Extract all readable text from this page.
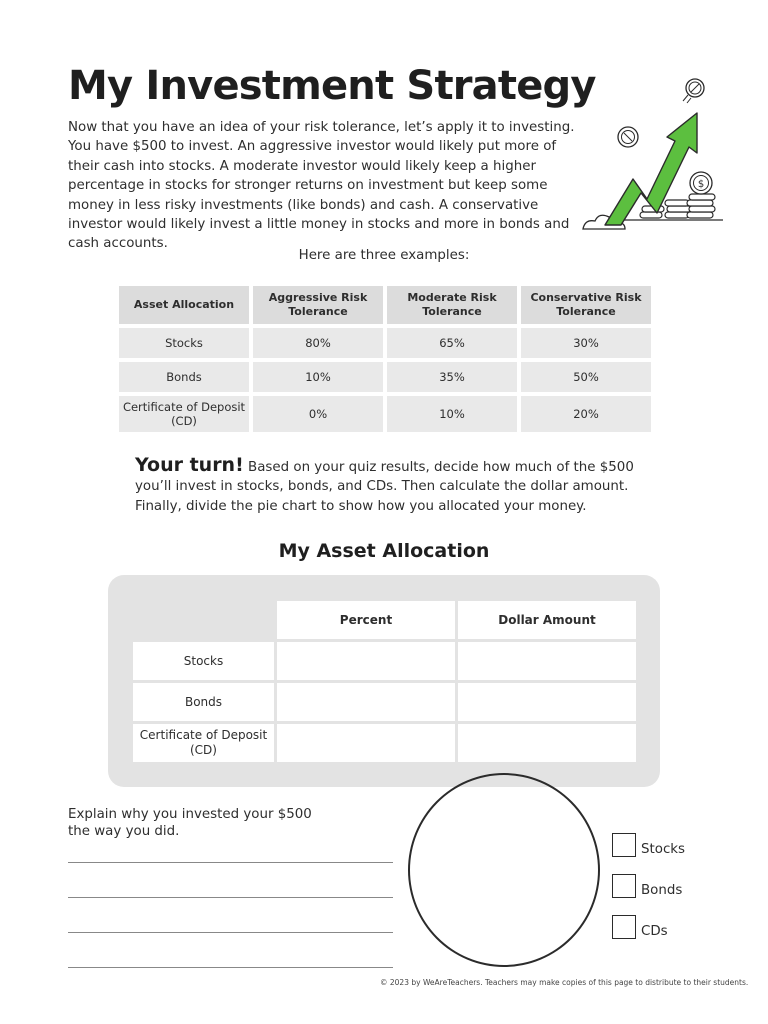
My Investment Strategy
Now that you have an idea of your risk tolerance, let’s apply it to investing. You have $500 to invest. An aggressive investor would likely put more of their cash into stocks. A moderate investor would likely keep a higher percentage in stocks for stronger returns on investment but keep some money in less risky investments (like bonds) and cash. A conservative investor would likely invest a little money in stocks and more in bonds and cash accounts.
$
Here are three examples:
Asset Allocation	Aggressive Risk Tolerance	Moderate Risk Tolerance	Conservative Risk Tolerance
Stocks	80%	65%	30%
Bonds	10%	35%	50%
Certificate of Deposit (CD)	0%	10%	20%
Your turn! Based on your quiz results, decide how much of the $500 you’ll invest in stocks, bonds, and CDs. Then calculate the dollar amount. Finally, divide the pie chart to show how you allocated your money.
My Asset Allocation
	Percent	Dollar Amount
Stocks		
Bonds		
Certificate of Deposit (CD)		
Explain why you invested your $500 the way you did.
Stocks
Bonds
CDs
© 2023 by WeAreTeachers. Teachers may make copies of this page to distribute to their students.
